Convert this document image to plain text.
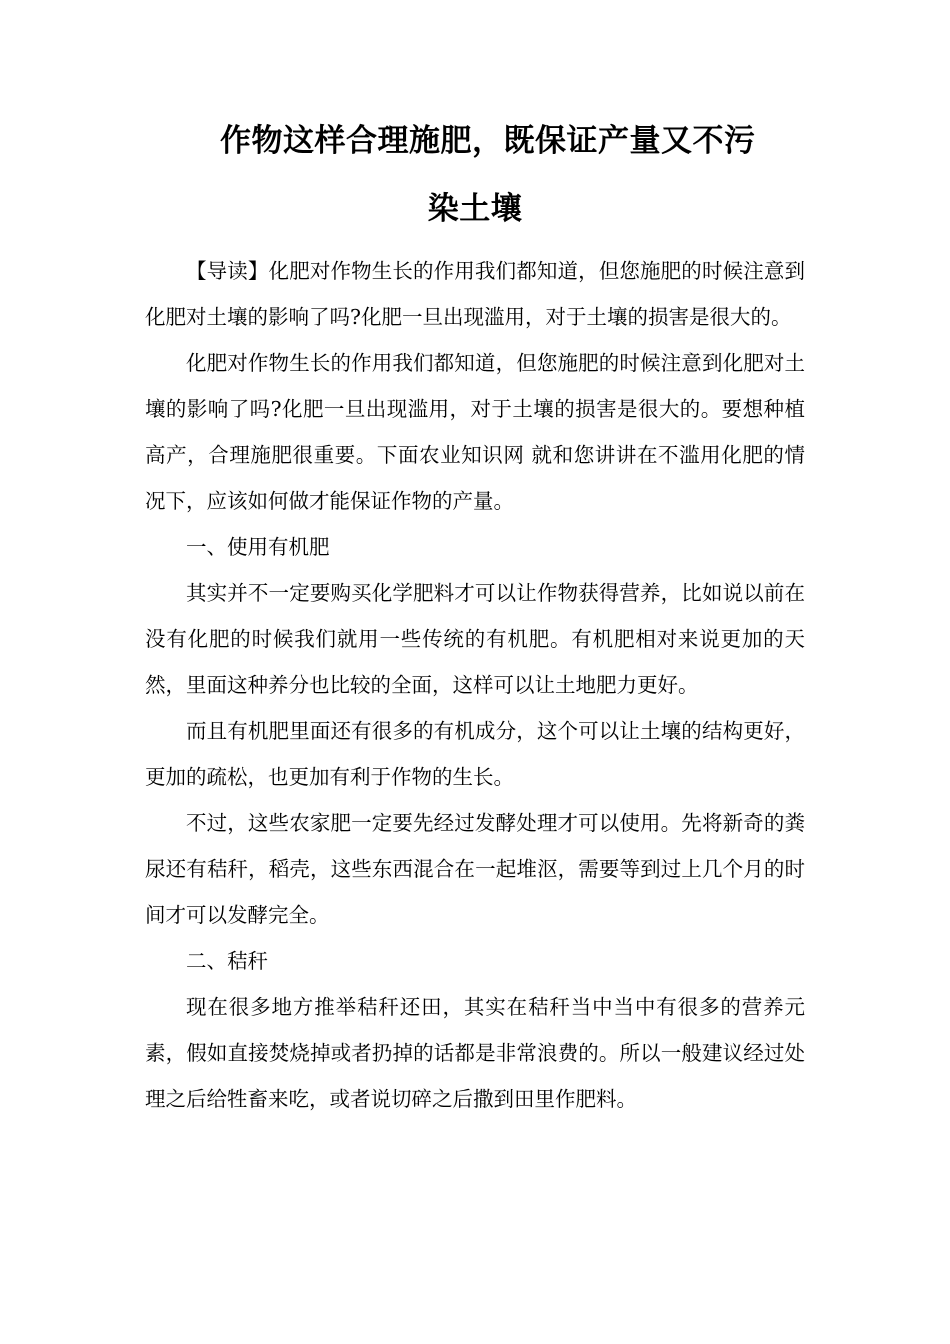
作物这样合理施肥，既保证产量又不污
染土壤

【导读】化肥对作物生长的作用我们都知道，但您施肥的时候注意到化肥对土壤的影响了吗?化肥一旦出现滥用，对于土壤的损害是很大的。

化肥对作物生长的作用我们都知道，但您施肥的时候注意到化肥对土壤的影响了吗?化肥一旦出现滥用，对于土壤的损害是很大的。要想种植高产，合理施肥很重要。下面农业知识网 就和您讲讲在不滥用化肥的情况下，应该如何做才能保证作物的产量。

一、使用有机肥

其实并不一定要购买化学肥料才可以让作物获得营养，比如说以前在没有化肥的时候我们就用一些传统的有机肥。有机肥相对来说更加的天然，里面这种养分也比较的全面，这样可以让土地肥力更好。

而且有机肥里面还有很多的有机成分，这个可以让土壤的结构更好，更加的疏松，也更加有利于作物的生长。

不过，这些农家肥一定要先经过发酵处理才可以使用。先将新奇的粪尿还有秸秆，稻壳，这些东西混合在一起堆沤，需要等到过上几个月的时间才可以发酵完全。

二、秸秆

现在很多地方推举秸秆还田，其实在秸秆当中当中有很多的营养元素，假如直接焚烧掉或者扔掉的话都是非常浪费的。所以一般建议经过处理之后给牲畜来吃，或者说切碎之后撒到田里作肥料。
